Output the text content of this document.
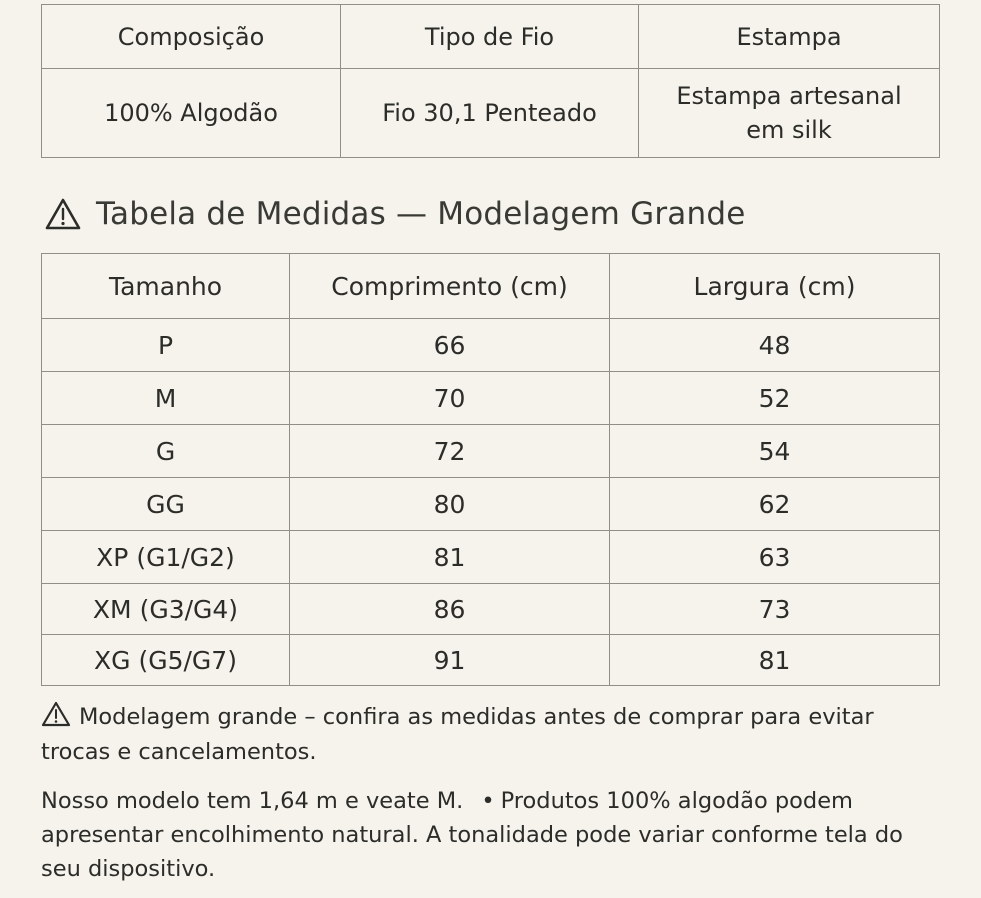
Composição	Tipo de Fio	Estampa
100% Algodão	Fio 30,1 Penteado	Estampa artesanal em silk
Tabela de Medidas — Modelagem Grande
Tamanho	Comprimento (cm)	Largura (cm)
P	66	48
M	70	52
G	72	54
GG	80	62
XP (G1/G2)	81	63
XM (G3/G4)	86	73
XG (G5/G7)	91	81

Modelagem grande – confira as medidas antes de comprar para evitar trocas e cancelamentos.

Nosso modelo tem 1,64 m e veate M. • Produtos 100% algodão podem apresentar encolhimento natural. A tonalidade pode variar conforme tela do seu dispositivo.
